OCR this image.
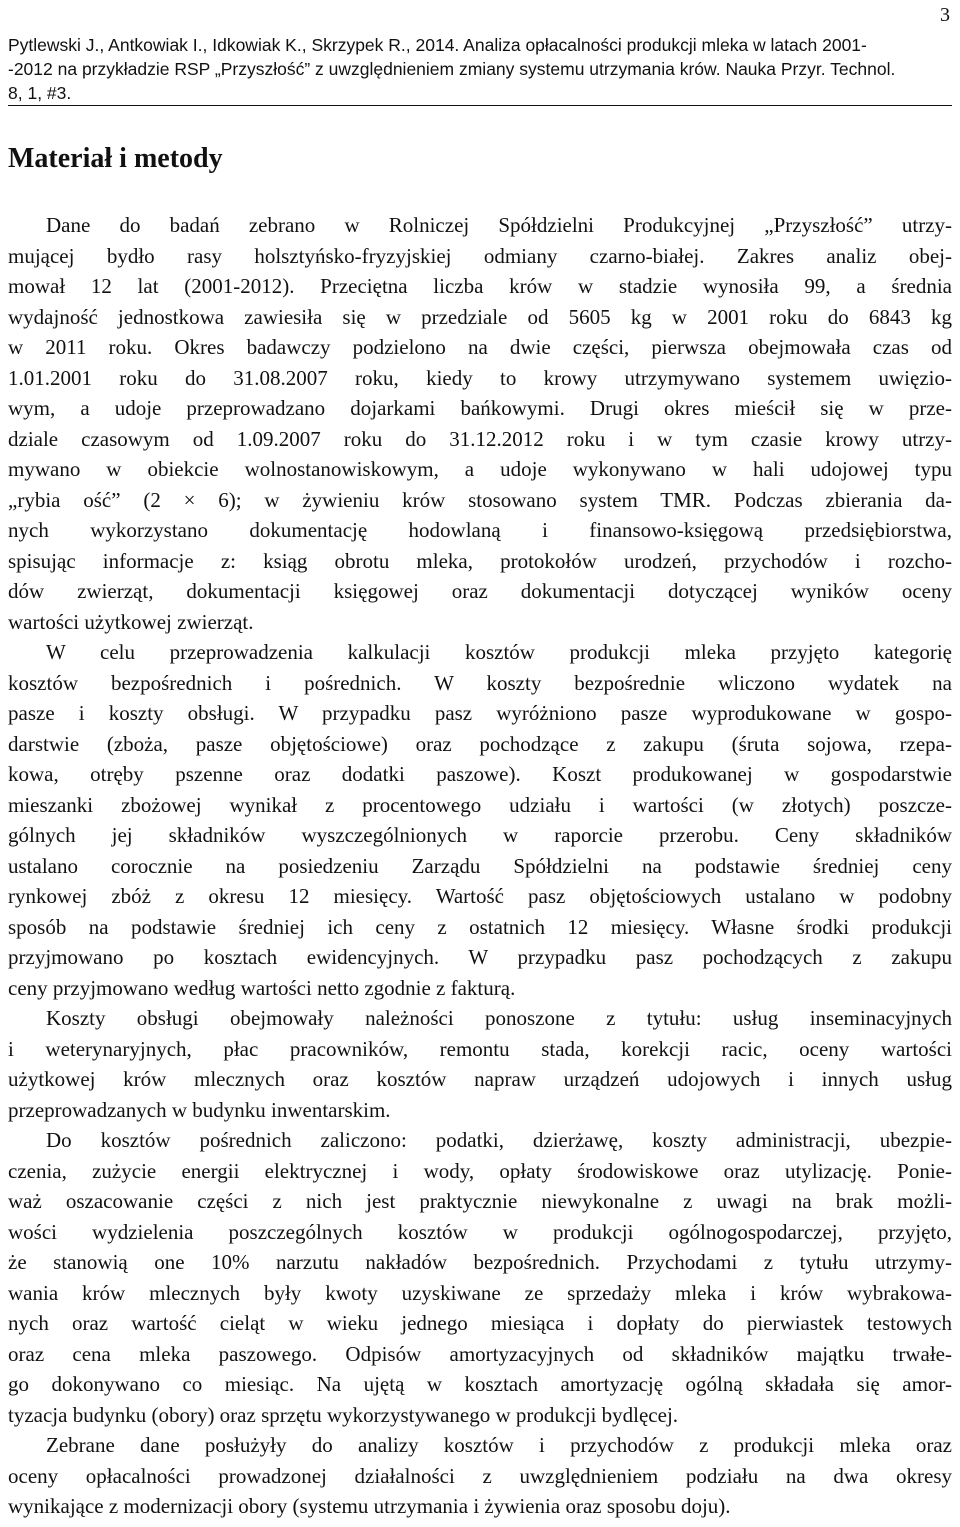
3
Pytlewski J., Antkowiak I., Idkowiak K., Skrzypek R., 2014. Analiza opłacalności produkcji mleka w latach 2001-
-2012 na przykładzie RSP „Przyszłość” z uwzględnieniem zmiany systemu utrzymania krów. Nauka Przyr. Technol.
8, 1, #3.
Materiał i metody
Dane do badań zebrano w Rolniczej Spółdzielni Produkcyjnej „Przyszłość” utrzy-
mującej bydło rasy holsztyńsko-fryzyjskiej odmiany czarno-białej. Zakres analiz obej-
mował 12 lat (2001-2012). Przeciętna liczba krów w stadzie wynosiła 99, a średnia
wydajność jednostkowa zawiesiła się w przedziale od 5605 kg w 2001 roku do 6843 kg
w 2011 roku. Okres badawczy podzielono na dwie części, pierwsza obejmowała czas od
1.01.2001 roku do 31.08.2007 roku, kiedy to krowy utrzymywano systemem uwięzio-
wym, a udoje przeprowadzano dojarkami bańkowymi. Drugi okres mieścił się w prze-
dziale czasowym od 1.09.2007 roku do 31.12.2012 roku i w tym czasie krowy utrzy-
mywano w obiekcie wolnostanowiskowym, a udoje wykonywano w hali udojowej typu
„rybia ość” (2 × 6); w żywieniu krów stosowano system TMR. Podczas zbierania da-
nych wykorzystano dokumentację hodowlaną i finansowo-księgową przedsiębiorstwa,
spisując informacje z: ksiąg obrotu mleka, protokołów urodzeń, przychodów i rozcho-
dów zwierząt, dokumentacji księgowej oraz dokumentacji dotyczącej wyników oceny
wartości użytkowej zwierząt.
W celu przeprowadzenia kalkulacji kosztów produkcji mleka przyjęto kategorię
kosztów bezpośrednich i pośrednich. W koszty bezpośrednie wliczono wydatek na
pasze i koszty obsługi. W przypadku pasz wyróżniono pasze wyprodukowane w gospo-
darstwie (zboża, pasze objętościowe) oraz pochodzące z zakupu (śruta sojowa, rzepa-
kowa, otręby pszenne oraz dodatki paszowe). Koszt produkowanej w gospodarstwie
mieszanki zbożowej wynikał z procentowego udziału i wartości (w złotych) poszcze-
gólnych jej składników wyszczególnionych w raporcie przerobu. Ceny składników
ustalano corocznie na posiedzeniu Zarządu Spółdzielni na podstawie średniej ceny
rynkowej zbóż z okresu 12 miesięcy. Wartość pasz objętościowych ustalano w podobny
sposób na podstawie średniej ich ceny z ostatnich 12 miesięcy. Własne środki produkcji
przyjmowano po kosztach ewidencyjnych. W przypadku pasz pochodzących z zakupu
ceny przyjmowano według wartości netto zgodnie z fakturą.
Koszty obsługi obejmowały należności ponoszone z tytułu: usług inseminacyjnych
i weterynaryjnych, płac pracowników, remontu stada, korekcji racic, oceny wartości
użytkowej krów mlecznych oraz kosztów napraw urządzeń udojowych i innych usług
przeprowadzanych w budynku inwentarskim.
Do kosztów pośrednich zaliczono: podatki, dzierżawę, koszty administracji, ubezpie-
czenia, zużycie energii elektrycznej i wody, opłaty środowiskowe oraz utylizację. Ponie-
waż oszacowanie części z nich jest praktycznie niewykonalne z uwagi na brak możli-
wości wydzielenia poszczególnych kosztów w produkcji ogólnogospodarczej, przyjęto,
że stanowią one 10% narzutu nakładów bezpośrednich. Przychodami z tytułu utrzymy-
wania krów mlecznych były kwoty uzyskiwane ze sprzedaży mleka i krów wybrakowa-
nych oraz wartość cieląt w wieku jednego miesiąca i dopłaty do pierwiastek testowych
oraz cena mleka paszowego. Odpisów amortyzacyjnych od składników majątku trwałe-
go dokonywano co miesiąc. Na ujętą w kosztach amortyzację ogólną składała się amor-
tyzacja budynku (obory) oraz sprzętu wykorzystywanego w produkcji bydlęcej.
Zebrane dane posłużyły do analizy kosztów i przychodów z produkcji mleka oraz
oceny opłacalności prowadzonej działalności z uwzględnieniem podziału na dwa okresy
wynikające z modernizacji obory (systemu utrzymania i żywienia oraz sposobu doju).
